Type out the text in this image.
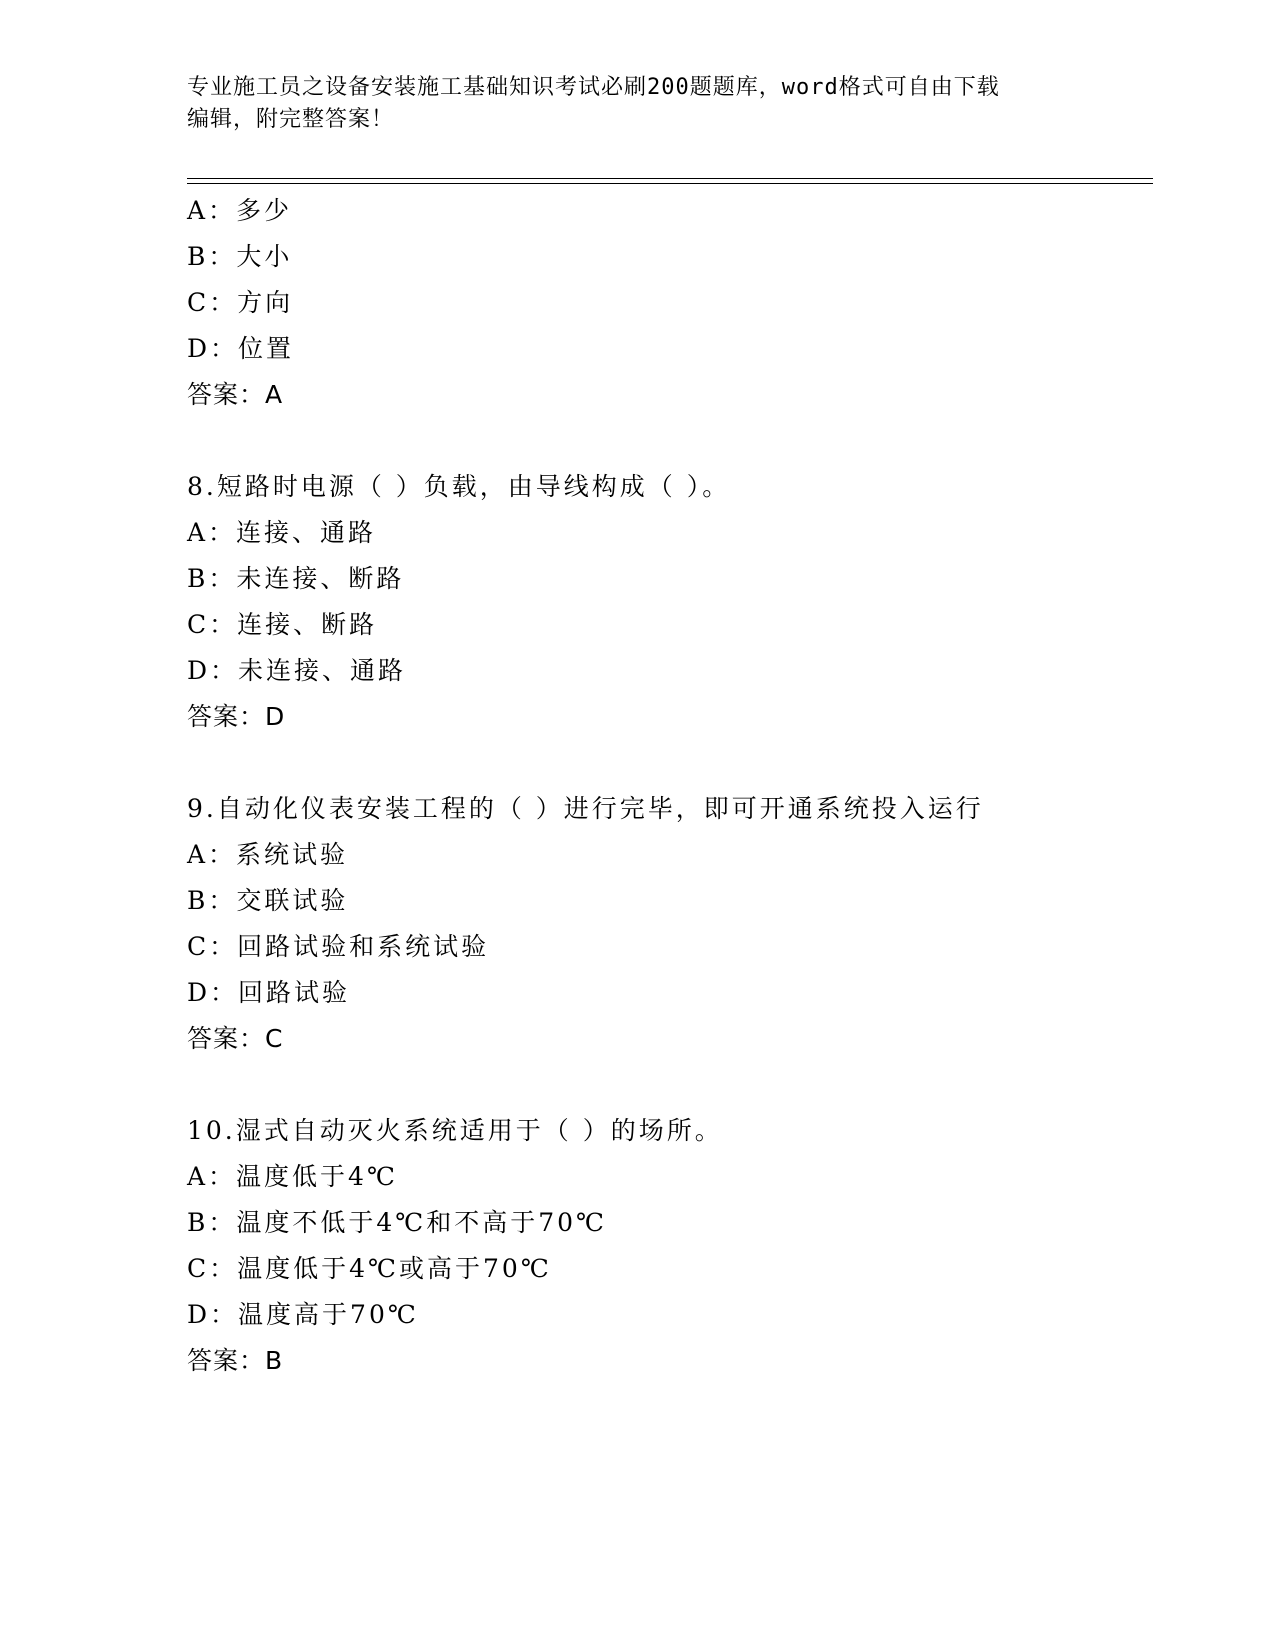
专业施工员之设备安装施工基础知识考试必刷200题题库，word格式可自由下载
编辑，附完整答案！
A：多少
B：大小
C：方向
D：位置
答案：A
8.短路时电源（ ）负载，由导线构成（ ）。
A：连接、通路
B：未连接、断路
C：连接、断路
D：未连接、通路
答案：D
9.自动化仪表安装工程的（ ）进行完毕，即可开通系统投入运行
A：系统试验
B：交联试验
C：回路试验和系统试验
D：回路试验
答案：C
10.湿式自动灭火系统适用于（ ）的场所。
A：温度低于4℃
B：温度不低于4℃和不高于70℃
C：温度低于4℃或高于70℃
D：温度高于70℃
答案：B
